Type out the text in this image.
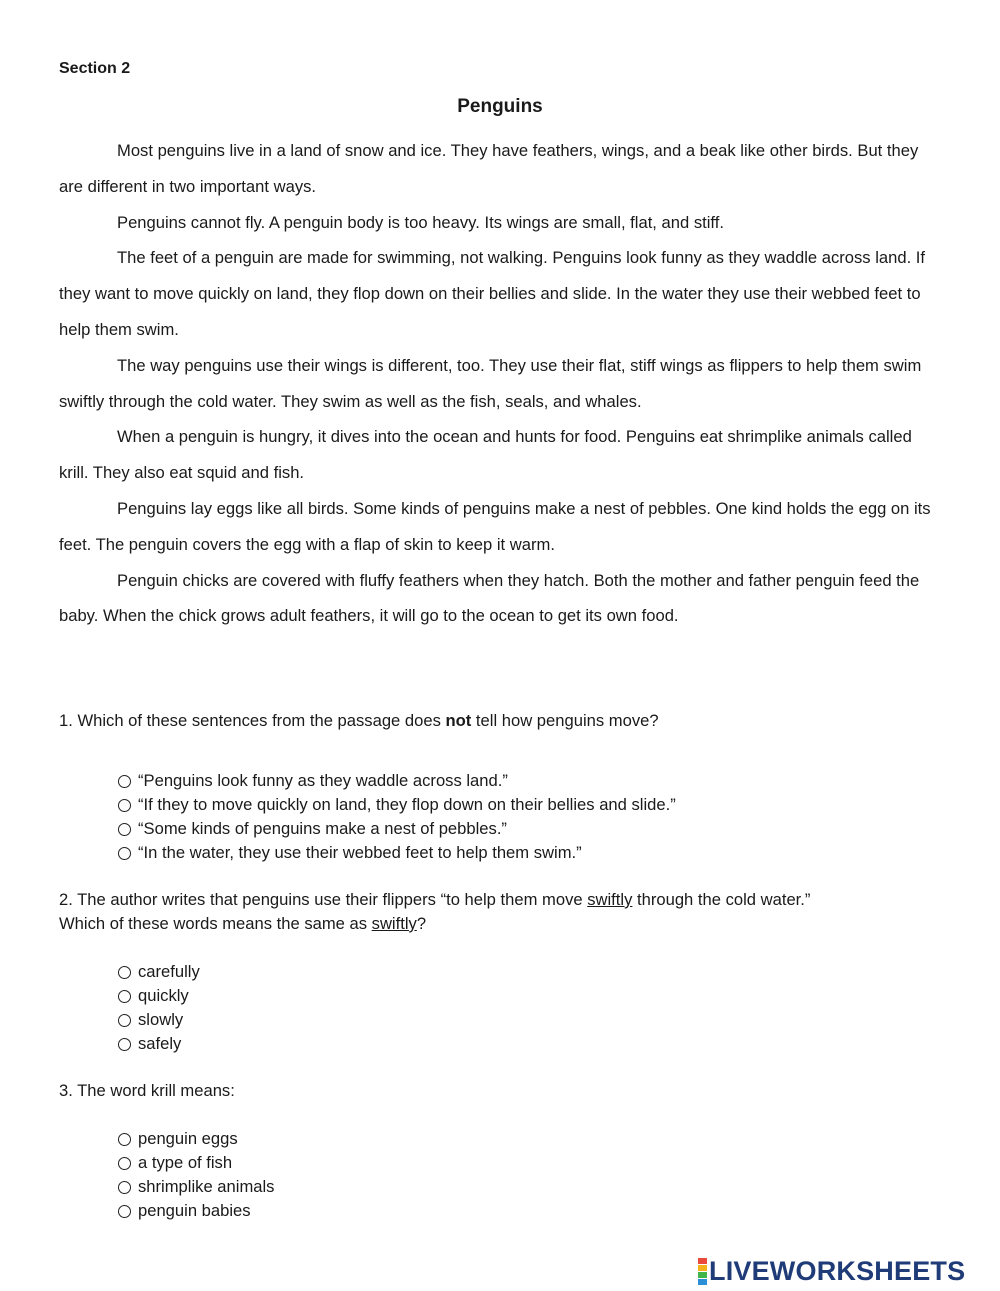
Section 2
Penguins

Most penguins live in a land of snow and ice. They have feathers, wings, and a beak like other birds. But they are different in two important ways.

Penguins cannot fly. A penguin body is too heavy. Its wings are small, flat, and stiff.

The feet of a penguin are made for swimming, not walking. Penguins look funny as they waddle across land. If they want to move quickly on land, they flop down on their bellies and slide. In the water they use their webbed feet to help them swim.

The way penguins use their wings is different, too. They use their flat, stiff wings as flippers to help them swim swiftly through the cold water. They swim as well as the fish, seals, and whales.

When a penguin is hungry, it dives into the ocean and hunts for food. Penguins eat shrimplike animals called krill. They also eat squid and fish.

Penguins lay eggs like all birds. Some kinds of penguins make a nest of pebbles. One kind holds the egg on its feet. The penguin covers the egg with a flap of skin to keep it warm.

Penguin chicks are covered with fluffy feathers when they hatch. Both the mother and father penguin feed the baby. When the chick grows adult feathers, it will go to the ocean to get its own food.

1. Which of these sentences from the passage does not tell how penguins move?
“Penguins look funny as they waddle across land.”
“If they to move quickly on land, they flop down on their bellies and slide.”
“Some kinds of penguins make a nest of pebbles.”
“In the water, they use their webbed feet to help them swim.”
2. The author writes that penguins use their flippers “to help them move swiftly through the cold water.”
Which of these words means the same as swiftly?
carefully
quickly
slowly
safely
3. The word krill means:
penguin eggs
a type of fish
shrimplike animals
penguin babies
LIVEWORKSHEETS
